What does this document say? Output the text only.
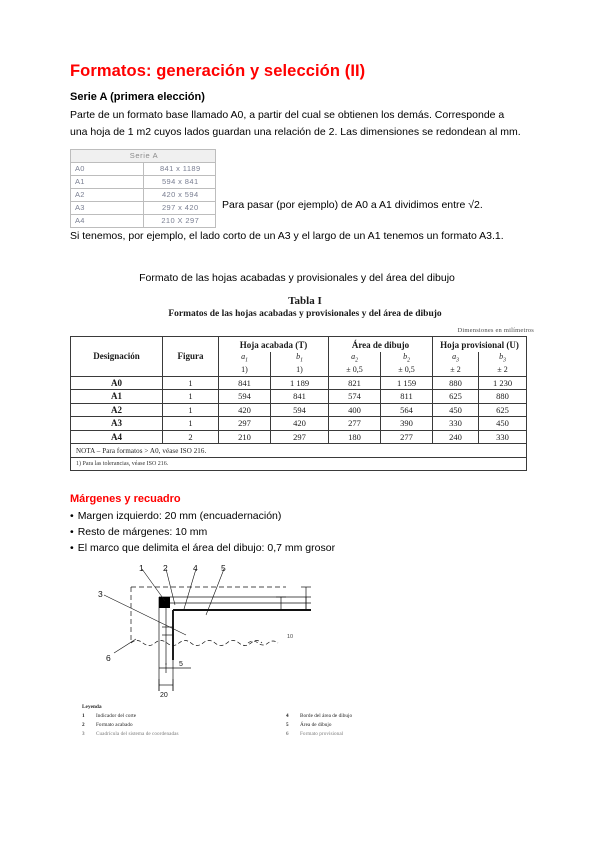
Formatos: generación y selección (II)
Serie A (primera elección)

Parte de un formato base llamado A0, a partir del cual se obtienen los demás. Corresponde a una hoja de 1 m2 cuyos lados guardan una relación de 2. Las dimensiones se redondean al mm.

Serie A	
A0	841 x 1189
A1	594 x 841
A2	420 x 594
A3	297 x 420
A4	210 X 297
Para pasar (por ejemplo) de A0 a A1 dividimos entre √2.

Si tenemos, por ejemplo, el lado corto de un A3 y el largo de un A1 tenemos un formato A3.1.

Formato de las hojas acabadas y provisionales y del área del dibujo

Tabla I

Formatos de las hojas acabadas y provisionales y del área de dibujo

Dimensiones en milímetros

Designación	Figura	Hoja acabada (T)		Área de dibujo		Hoja provisional (U)	
		$a_1$	$b_1$	$a_2$	$b_2$	$a_3$	$b_3$
		1)	1)	± 0,5	± 0,5	± 2	± 2
A0	1	841	1 189	821	1 159	880	1 230
A1	1	594	841	574	811	625	880
A2	1	420	594	400	564	450	625
A3	1	297	420	277	390	330	450
A4	2	210	297	180	277	240	330
NOTA – Para formatos > A0, véase ISO 216.							
1) Para las tolerancias, véase ISO 216.							
Márgenes y recuadro
• Margen izquierdo: 20 mm (encuadernación)
• Resto de márgenes: 10 mm
• El marco que delimita el área del dibujo: 0,7 mm grosor
1 2	4	5
3
6
5
20
10
Leyenda
1	Indicador del corte
2	Formato acabado
3	Cuadrícula del sistema de coordenadas
4	Borde del área de dibujo
5	Área de dibujo
6	Formato provisional
